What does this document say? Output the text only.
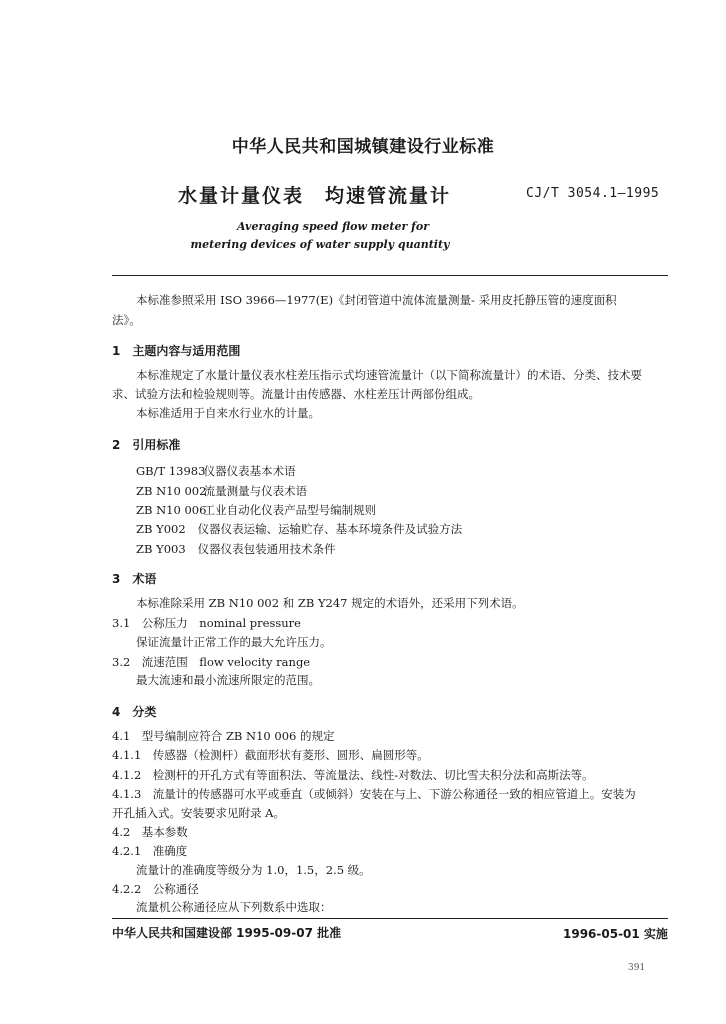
中华人民共和国城镇建设行业标准
水量计量仪表　均速管流量计	CJ/T 3054.1—1995
Averaging speed flow meter for
metering devices of water supply quantity
本标准参照采用 ISO 3966—1977(E)《封闭管道中流体流量测量- 采用皮托静压管的速度面积
法》。
1　主题内容与适用范围
本标准规定了水量计量仪表水柱差压指示式均速管流量计（以下简称流量计）的术语、分类、技术要
求、试验方法和检验规则等。流量计由传感器、水柱差压计两部份组成。
本标准适用于自来水行业水的计量。
2　引用标准
GB/T 13983 仪器仪表基本术语
ZB N10 002 流量测量与仪表术语
ZB N10 006 工业自动化仪表产品型号编制规则
ZB Y002 仪器仪表运输、运输贮存、基本环境条件及试验方法
ZB Y003 仪器仪表包装通用技术条件
3　术语
本标准除采用 ZB N10 002 和 ZB Y247 规定的术语外，还采用下列术语。
3.1　公称压力　nominal pressure
保证流量计正常工作的最大允许压力。
3.2　流速范围　flow velocity range
最大流速和最小流速所限定的范围。
4　分类
4.1　型号编制应符合 ZB N10 006 的规定
4.1.1　传感器（检测杆）截面形状有菱形、圆形、扁圆形等。
4.1.2　检测杆的开孔方式有等面积法、等流量法、线性-对数法、切比雪夫积分法和高斯法等。
4.1.3　流量计的传感器可水平或垂直（或倾斜）安装在与上、下游公称通径一致的相应管道上。安装为
开孔插入式。安装要求见附录 A。
4.2　基本参数
4.2.1　准确度
流量计的准确度等级分为 1.0，1.5，2.5 级。
4.2.2　公称通径
流量机公称通径应从下列数系中选取：
中华人民共和国建设部 1995-09-07 批准	1996-05-01 实施
391
